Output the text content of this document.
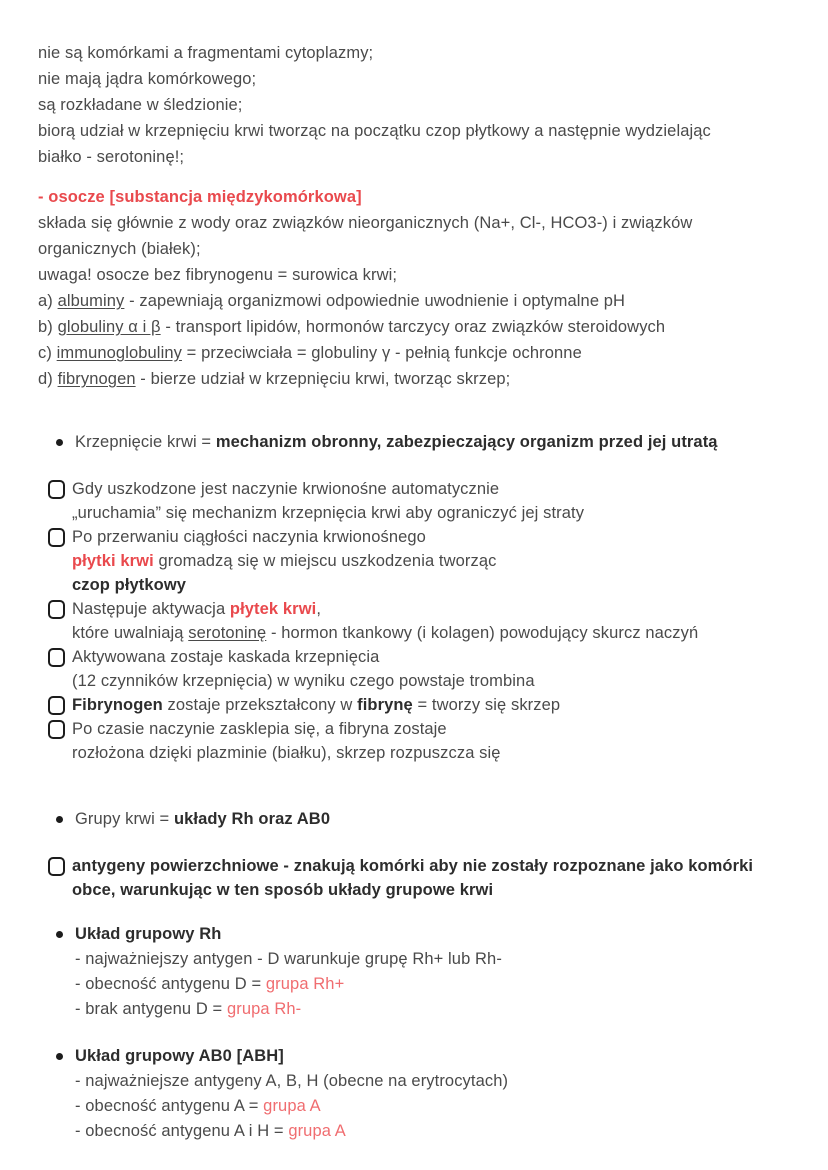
nie są komórkami a fragmentami cytoplazmy;
nie mają jądra komórkowego;
są rozkładane w śledzionie;
biorą udział w krzepnięciu krwi tworząc na początku czop płytkowy a następnie wydzielając
białko - serotoninę!;
- osocze [substancja międzykomórkowa]
składa się głównie z wody oraz związków nieorganicznych (Na+, Cl-, HCO3-) i związków
organicznych (białek);
uwaga! osocze bez fibrynogenu = surowica krwi;
a) albuminy - zapewniają organizmowi odpowiednie uwodnienie i optymalne pH
b) globuliny α i β - transport lipidów, hormonów tarczycy oraz związków steroidowych
c) immunoglobuliny = przeciwciała = globuliny γ - pełnią funkcje ochronne
d) fibrynogen - bierze udział w krzepnięciu krwi, tworząc skrzep;
Krzepnięcie krwi = mechanizm obronny, zabezpieczający organizm przed jej utratą
Gdy uszkodzone jest naczynie krwionośne automatycznie
„uruchamia” się mechanizm krzepnięcia krwi aby ograniczyć jej straty
Po przerwaniu ciągłości naczynia krwionośnego
płytki krwi gromadzą się w miejscu uszkodzenia tworząc
czop płytkowy
Następuje aktywacja płytek krwi,
które uwalniają serotoninę - hormon tkankowy (i kolagen) powodujący skurcz naczyń
Aktywowana zostaje kaskada krzepnięcia
(12 czynników krzepnięcia) w wyniku czego powstaje trombina
Fibrynogen zostaje przekształcony w fibrynę = tworzy się skrzep
Po czasie naczynie zasklepia się, a fibryna zostaje
rozłożona dzięki plazminie (białku), skrzep rozpuszcza się
Grupy krwi = układy Rh oraz AB0
antygeny powierzchniowe - znakują komórki aby nie zostały rozpoznane jako komórki
obce, warunkując w ten sposób układy grupowe krwi
Układ grupowy Rh
- najważniejszy antygen - D warunkuje grupę Rh+ lub Rh-
- obecność antygenu D = grupa Rh+
- brak antygenu D = grupa Rh-
Układ grupowy AB0 [ABH]
- najważniejsze antygeny A, B, H (obecne na erytrocytach)
- obecność antygenu A = grupa A
- obecność antygenu A i H = grupa A
